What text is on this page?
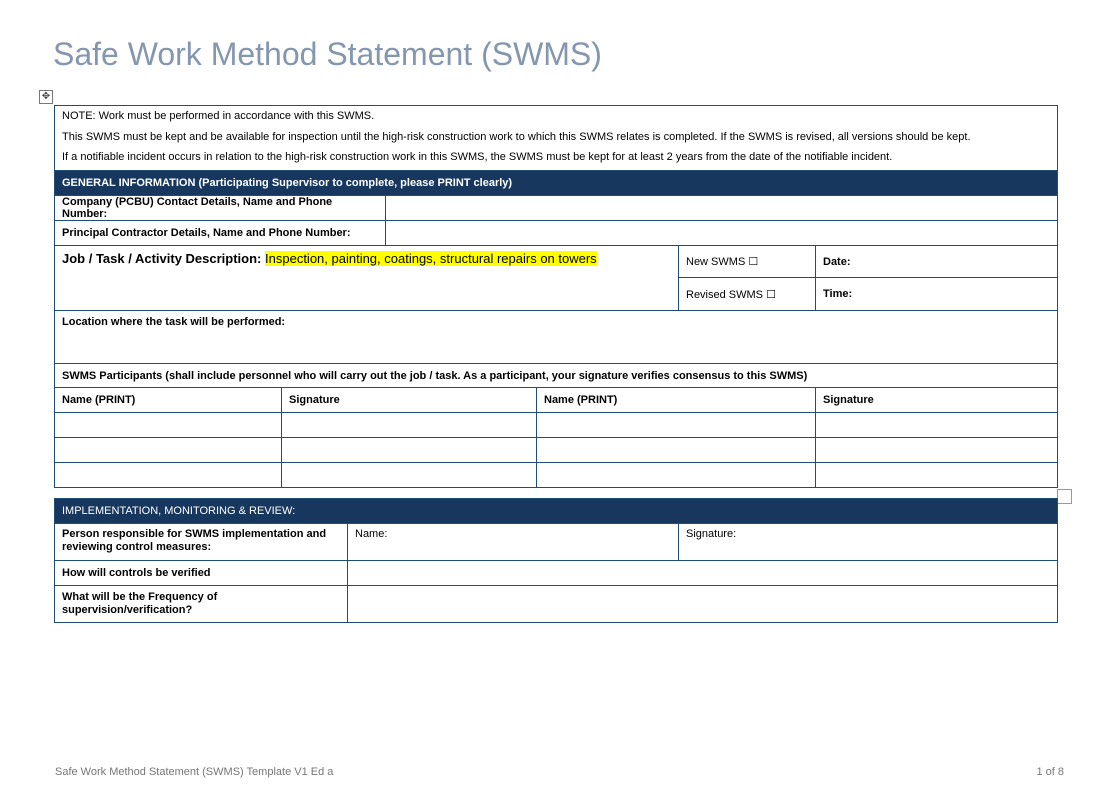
Safe Work Method Statement (SWMS)
✥
NOTE: Work must be performed in accordance with this SWMS.
This SWMS must be kept and be available for inspection until the high-risk construction work to which this SWMS relates is completed. If the SWMS is revised, all versions should be kept.
If a notifiable incident occurs in relation to the high-risk construction work in this SWMS, the SWMS must be kept for at least 2 years from the date of the notifiable incident.					

GENERAL INFORMATION (Participating Supervisor to complete, please PRINT clearly)					
Company (PCBU) Contact Details, Name and Phone Number:					
Principal Contractor Details, Name and Phone Number:					
Job / Task / Activity Description: Inspection, painting, coatings, structural repairs on towers				New SWMS ☐	Date:
				Revised SWMS ☐	Time:
Location where the task will be performed:					
SWMS Participants (shall include personnel who will carry out the job / task. As a participant, your signature verifies consensus to this SWMS)					
Name (PRINT)	Signature		Name (PRINT)		Signature

IMPLEMENTATION, MONITORING & REVIEW:		
Person responsible for SWMS implementation and reviewing control measures:	Name:	Signature:
How will controls be verified		
What will be the Frequency of supervision/verification?		
Safe Work Method Statement (SWMS) Template V1 Ed a	1 of 8
